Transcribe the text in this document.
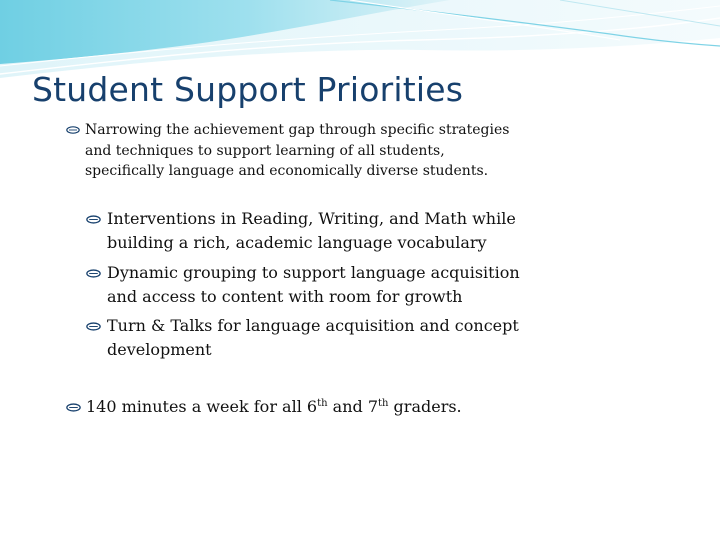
Student Support Priorities
Narrowing the achievement gap through specific strategies
and techniques to support learning of all students,
specifically language and economically diverse students.
Interventions in Reading, Writing, and Math while
building a rich, academic language vocabulary
Dynamic grouping to support language acquisition
and access to content with room for growth
Turn & Talks for language acquisition and concept
development
140 minutes a week for all 6th and 7th graders.
